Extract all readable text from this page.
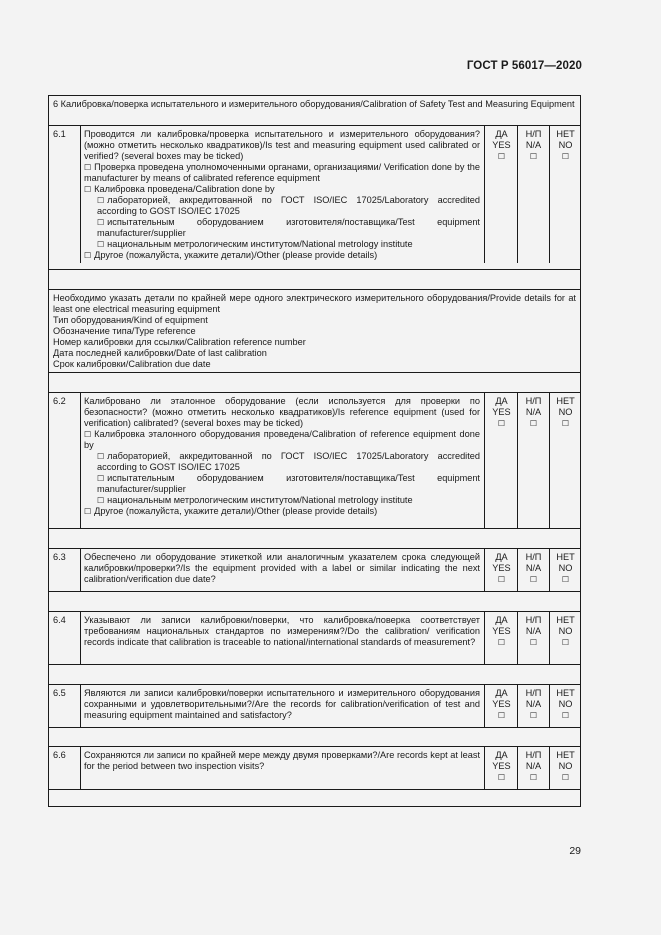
ГОСТ Р 56017—2020
6 Калибровка/поверка испытательного и измерительного оборудования/Calibration of Safety Test and Measuring Equipment
6.1 Проводится ли калибровка/проверка испытательного и измерительного оборудования? (можно отметить несколько квадратиков)/Is test and measuring equipment used calibrated or verified? (several boxes may be ticked)
☐ Проверка проведена уполномоченными органами, организациями/ Verification done by the manufacturer by means of calibrated reference equipment
☐ Калибровка проведена/Calibration done by
☐ лабораторией, аккредитованной по ГОСТ ISO/IEC 17025/Laboratory accredited according to GOST ISO/IEC 17025
☐ испытательным оборудованием изготовителя/поставщика/Test equipment manufacturer/supplier
☐ национальным метрологическим институтом/National metrology institute
☐ Другое (пожалуйста, укажите детали)/Other (please provide details)
ДА
YES
☐
Н/П
N/A
☐
НЕТ
NO
☐
Необходимо указать детали по крайней мере одного электрического измерительного оборудования/Provide details for at least one electrical measuring equipment
Тип оборудования/Kind of equipment
Обозначение типа/Type reference
Номер калибровки для ссылки/Calibration reference number
Дата последней калибровки/Date of last calibration
Срок калибровки/Calibration due date
6.2 Калибровано ли эталонное оборудование (если используется для проверки по безопасности? (можно отметить несколько квадратиков)/Is reference equipment (used for verification) calibrated? (several boxes may be ticked)
☐ Калибровка эталонного оборудования проведена/Calibration of reference equipment done by
☐ лабораторией, аккредитованной по ГОСТ ISO/IEC 17025/Laboratory accredited according to GOST ISO/IEC 17025
☐ испытательным оборудованием изготовителя/поставщика/Test equipment manufacturer/supplier
☐ национальным метрологическим институтом/National metrology institute
☐ Другое (пожалуйста, укажите детали)/Other (please provide details)
ДА
YES
☐
Н/П
N/A
☐
НЕТ
NO
☐
6.3 Обеспечено ли оборудование этикеткой или аналогичным указателем срока следующей калибровки/проверки?/Is the equipment provided with a label or similar indicating the next calibration/verification due date?
ДА
YES
☐
Н/П
N/A
☐
НЕТ
NO
☐
6.4 Указывают ли записи калибровки/поверки, что калибровка/поверка соответствует требованиям национальных стандартов по измерениям?/Do the calibration/ verification records indicate that calibration is traceable to national/international standards of measurement?
ДА
YES
☐
Н/П
N/A
☐
НЕТ
NO
☐
6.5 Являются ли записи калибровки/поверки испытательного и измерительного оборудования сохранными и удовлетворительными?/Are the records for calibration/verification of test and measuring equipment maintained and satisfactory?
ДА
YES
☐
Н/П
N/A
☐
НЕТ
NO
☐
6.6 Сохраняются ли записи по крайней мере между двумя проверками?/Are records kept at least for the period between two inspection visits?
ДА
YES
☐
Н/П
N/A
☐
НЕТ
NO
☐
29
